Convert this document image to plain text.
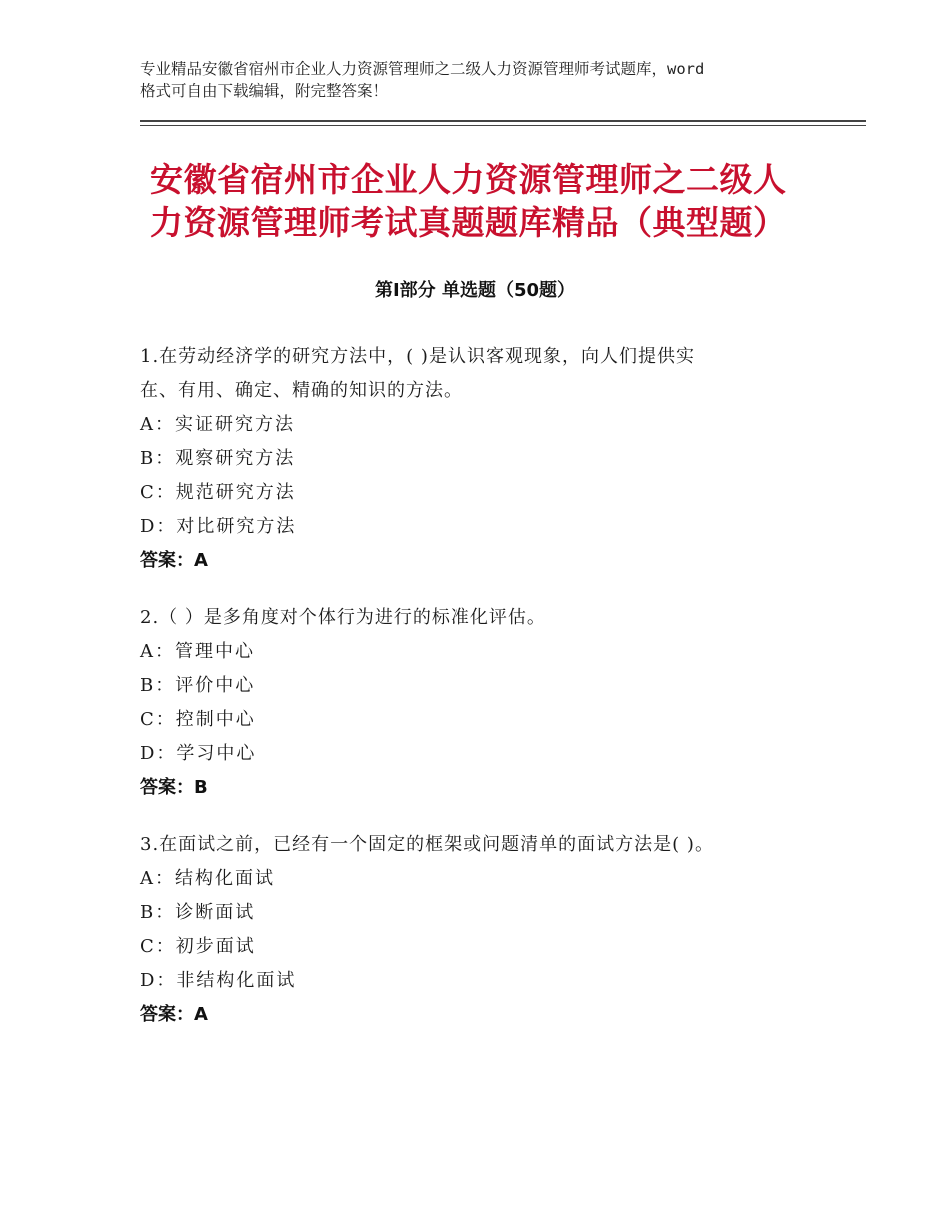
专业精品安徽省宿州市企业人力资源管理师之二级人力资源管理师考试题库，word
格式可自由下载编辑，附完整答案！
安徽省宿州市企业人力资源管理师之二级人
力资源管理师考试真题题库精品（典型题）
第Ⅰ部分 单选题（50题）
1.在劳动经济学的研究方法中，( )是认识客观现象，向人们提供实
在、有用、确定、精确的知识的方法。
A：实证研究方法
B：观察研究方法
C：规范研究方法
D：对比研究方法
答案：A
2.（ ）是多角度对个体行为进行的标准化评估。
A：管理中心
B：评价中心
C：控制中心
D：学习中心
答案：B
3.在面试之前，已经有一个固定的框架或问题清单的面试方法是( )。
A：结构化面试
B：诊断面试
C：初步面试
D：非结构化面试
答案：A
